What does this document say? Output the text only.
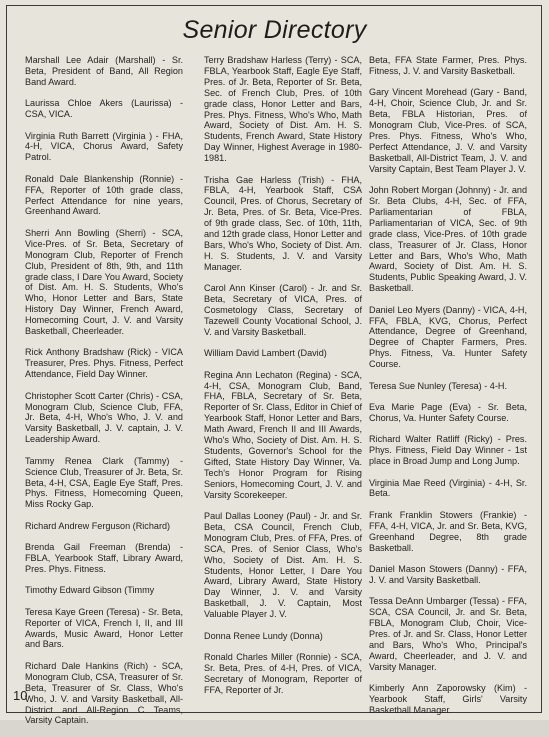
Senior Directory

Marshall Lee Adair (Marshall) - Sr. Beta, President of Band, All Region Band Award.

Laurissa Chloe Akers (Laurissa) - CSA, VICA.

Virginia Ruth Barrett (Virginia ) - FHA, 4-H, VICA, Chorus Award, Safety Patrol.

Ronald Dale Blankenship (Ronnie) - FFA, Reporter of 10th grade class, Perfect Attendance for nine years, Greenhand Award.

Sherri Ann Bowling (Sherri) - SCA, Vice-Pres. of Sr. Beta, Secretary of Monogram Club, Reporter of French Club, President of 8th, 9th, and 11th grade class, I Dare You Award, Society of Dist. Am. H. S. Students, Who's Who, Honor Letter and Bars, State History Day Winner, French Award, Homecoming Court, J. V. and Varsity Basketball, Cheerleader.

Rick Anthony Bradshaw (Rick) - VICA Treasurer, Pres. Phys. Fitness, Perfect Attendance, Field Day Winner.

Christopher Scott Carter (Chris) - CSA, Monogram Club, Science Club, FFA, Jr. Beta, 4-H, Who's Who, J. V. and Varsity Basketball, J. V. captain, J. V. Leadership Award.

Tammy Renea Clark (Tammy) - Science Club, Treasurer of Jr. Beta, Sr. Beta, 4-H, CSA, Eagle Eye Staff, Pres. Phys. Fitness, Homecoming Queen, Miss Rocky Gap.

Richard Andrew Ferguson (Richard)

Brenda Gail Freeman (Brenda) - FBLA, Yearbook Staff, Library Award, Pres. Phys. Fitness.

Timothy Edward Gibson (Timmy

Teresa Kaye Green (Teresa) - Sr. Beta, Reporter of VICA, French I, II, and III Awards, Music Award, Honor Letter and Bars.

Richard Dale Hankins (Rich) - SCA, Monogram Club, CSA, Treasurer of Sr. Beta, Treasurer of Sr. Class, Who's Who, J. V. and Varsity Basketball, All-District and All-Region C Teams, Varsity Captain.

Terry Bradshaw Harless (Terry) - SCA, FBLA, Yearbook Staff, Eagle Eye Staff, Pres. of Jr. Beta, Reporter of Sr. Beta, Sec. of French Club, Pres. of 10th grade class, Honor Letter and Bars, Pres. Phys. Fitness, Who's Who, Math Award, Society of Dist. Am. H. S. Students, French Award, State History Day Winner, Highest Average in 1980-1981.

Trisha Gae Harless (Trish) - FHA, FBLA, 4-H, Yearbook Staff, CSA Council, Pres. of Chorus, Secretary of Jr. Beta, Pres. of Sr. Beta, Vice-Pres. of 9th grade class, Sec. of 10th, 11th, and 12th grade class, Honor Letter and Bars, Who's Who, Society of Dist. Am. H. S. Students, J. V. and Varsity Manager.

Carol Ann Kinser (Carol) - Jr. and Sr. Beta, Secretary of VICA, Pres. of Cosmetology Class, Secretary of Tazewell County Vocational School, J. V. and Varsity Basketball.

William David Lambert (David)

Regina Ann Lechaton (Regina) - SCA, 4-H, CSA, Monogram Club, Band, FHA, FBLA, Secretary of Sr. Beta, Reporter of Sr. Class, Editor in Chief of Yearbook Staff, Honor Letter and Bars, Math Award, French II and III Awards, Who's Who, Society of Dist. Am. H. S. Students, Governor's School for the Gifted, State History Day Winner, Va. Tech's Honor Program for Rising Seniors, Homecoming Court, J. V. and Varsity Scorekeeper.

Paul Dallas Looney (Paul) - Jr. and Sr. Beta, CSA Council, French Club, Monogram Club, Pres. of FFA, Pres. of SCA, Pres. of Senior Class, Who's Who, Society of Dist. Am. H. S. Students, Honor Letter, I Dare You Award, Library Award, State History Day Winner, J. V. and Varsity Basketball, J. V. Captain, Most Valuable Player J. V.

Donna Renee Lundy (Donna)

Ronald Charles Miller (Ronnie) - SCA, Sr. Beta, Pres. of 4-H, Pres. of VICA, Secretary of Monogram, Reporter of FFA, Reporter of Jr.

Beta, FFA State Farmer, Pres. Phys. Fitness, J. V. and Varsity Basketball.

Gary Vincent Morehead (Gary - Band, 4-H, Choir, Science Club, Jr. and Sr. Beta, FBLA Historian, Pres. of Monogram Club, Vice-Pres. of SCA, Pres. Phys. Fitness, Who's Who, Perfect Attendance, J. V. and Varsity Basketball, All-District Team, J. V. and Varsity Captain, Best Team Player J. V.

John Robert Morgan (Johnny) - Jr. and Sr. Beta Clubs, 4-H, Sec. of FFA, Parliamentarian of FBLA, Parliamentarian of VICA, Sec. of 9th grade class, Vice-Pres. of 10th grade class, Treasurer of Jr. Class, Honor Letter and Bars, Who's Who, Math Award, Society of Dist. Am. H. S. Students, Public Speaking Award, J. V. Basketball.

Daniel Leo Myers (Danny) - VICA, 4-H, FFA, FBLA, KVG, Chorus, Perfect Attendance, Degree of Greenhand, Degree of Chapter Farmers, Pres. Phys. Fitness, Va. Hunter Safety Course.

Teresa Sue Nunley (Teresa) - 4-H.

Eva Marie Page (Eva) - Sr. Beta, Chorus, Va. Hunter Safety Course.

Richard Walter Ratliff (Ricky) - Pres. Phys. Fitness, Field Day Winner - 1st place in Broad Jump and Long Jump.

Virginia Mae Reed (Virginia) - 4-H, Sr. Beta.

Frank Franklin Stowers (Frankie) - FFA, 4-H, VICA, Jr. and Sr. Beta, KVG, Greenhand Degree, 8th grade Basketball.

Daniel Mason Stowers (Danny) - FFA, J. V. and Varsity Basketball.

Tessa DeAnn Umbarger (Tessa) - FFA, SCA, CSA Council, Jr. and Sr. Beta, FBLA, Monogram Club, Choir, Vice-Pres. of Jr. and Sr. Class, Honor Letter and Bars, Who's Who, Principal's Award, Cheerleader, and J. V. and Varsity Manager.

Kimberly Ann Zaporowsky (Kim) - Yearbook Staff, Girls' Varsity Basketball Manager.

10
